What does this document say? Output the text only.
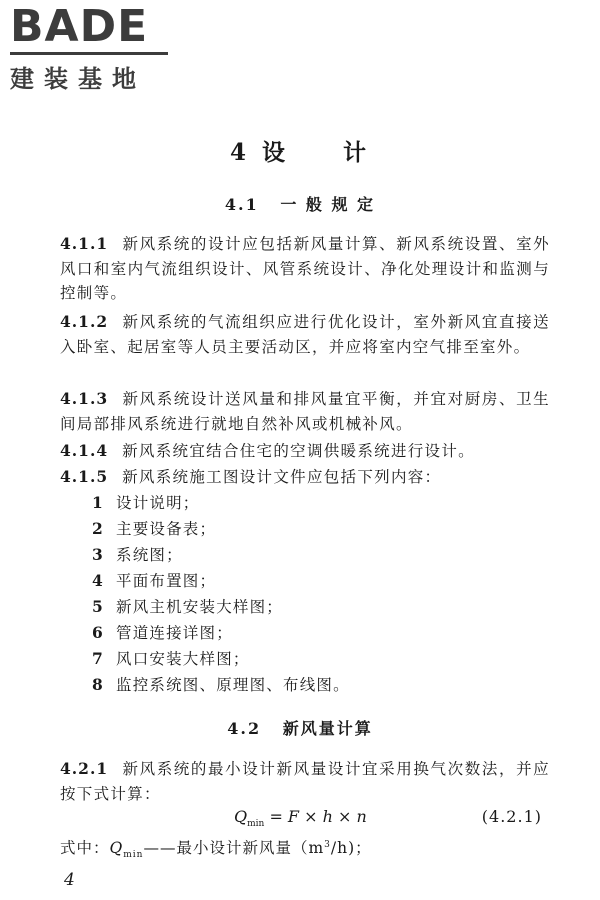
BADE
建装基地
4 设　　计
4.1 一 般 规 定
4.1.1 新风系统的设计应包括新风量计算、新风系统设置、室外风口和室内气流组织设计、风管系统设计、净化处理设计和监测与控制等。
4.1.2 新风系统的气流组织应进行优化设计，室外新风宜直接送入卧室、起居室等人员主要活动区，并应将室内空气排至室外。
4.1.3 新风系统设计送风量和排风量宜平衡，并宜对厨房、卫生间局部排风系统进行就地自然补风或机械补风。
4.1.4 新风系统宜结合住宅的空调供暖系统进行设计。
4.1.5 新风系统施工图设计文件应包括下列内容：
1 设计说明；
2 主要设备表；
3 系统图；
4 平面布置图；
5 新风主机安装大样图；
6 管道连接详图；
7 风口安装大样图；
8 监控系统图、原理图、布线图。
4.2 新风量计算
4.2.1 新风系统的最小设计新风量设计宜采用换气次数法，并应按下式计算：
$Q_{min} = F \times h \times n$	(4.2.1)
式中：$Q_{min}——$最小设计新风量$(m^3/h)$；
4
